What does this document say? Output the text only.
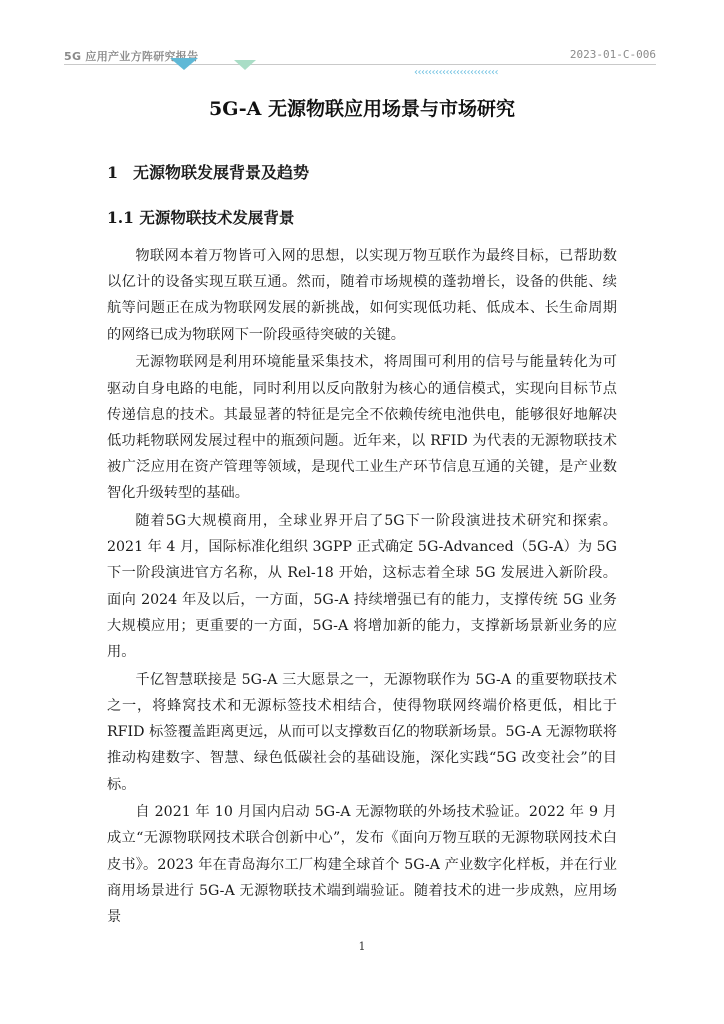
5G 应用产业方阵研究报告	2023-01-C-006
‹‹‹‹‹‹‹‹‹‹‹‹‹‹‹‹‹‹‹‹‹‹‹‹
5G-A 无源物联应用场景与市场研究
1 无源物联发展背景及趋势
1.1 无源物联技术发展背景

物联网本着万物皆可入网的思想，以实现万物互联作为最终目标，已帮助数以亿计的设备实现互联互通。然而，随着市场规模的蓬勃增长，设备的供能、续航等问题正在成为物联网发展的新挑战，如何实现低功耗、低成本、长生命周期的网络已成为物联网下一阶段亟待突破的关键。

无源物联网是利用环境能量采集技术，将周围可利用的信号与能量转化为可驱动自身电路的电能，同时利用以反向散射为核心的通信模式，实现向目标节点传递信息的技术。其最显著的特征是完全不依赖传统电池供电，能够很好地解决低功耗物联网发展过程中的瓶颈问题。近年来，以 RFID 为代表的无源物联技术被广泛应用在资产管理等领域，是现代工业生产环节信息互通的关键，是产业数智化升级转型的基础。

随着5G大规模商用，全球业界开启了5G下一阶段演进技术研究和探索。2021 年 4 月，国际标准化组织 3GPP 正式确定 5G-Advanced（5G-A）为 5G 下一阶段演进官方名称，从 Rel-18 开始，这标志着全球 5G 发展进入新阶段。面向 2024 年及以后，一方面，5G-A 持续增强已有的能力，支撑传统 5G 业务大规模应用；更重要的一方面，5G-A 将增加新的能力，支撑新场景新业务的应用。

千亿智慧联接是 5G-A 三大愿景之一，无源物联作为 5G-A 的重要物联技术之一，将蜂窝技术和无源标签技术相结合，使得物联网终端价格更低，相比于 RFID 标签覆盖距离更远，从而可以支撑数百亿的物联新场景。5G-A 无源物联将推动构建数字、智慧、绿色低碳社会的基础设施，深化实践“5G 改变社会”的目标。

自 2021 年 10 月国内启动 5G-A 无源物联的外场技术验证。2022 年 9 月成立“无源物联网技术联合创新中心”，发布《面向万物互联的无源物联网技术白皮书》。2023 年在青岛海尔工厂构建全球首个 5G-A 产业数字化样板，并在行业商用场景进行 5G-A 无源物联技术端到端验证。随着技术的进一步成熟，应用场景

1
